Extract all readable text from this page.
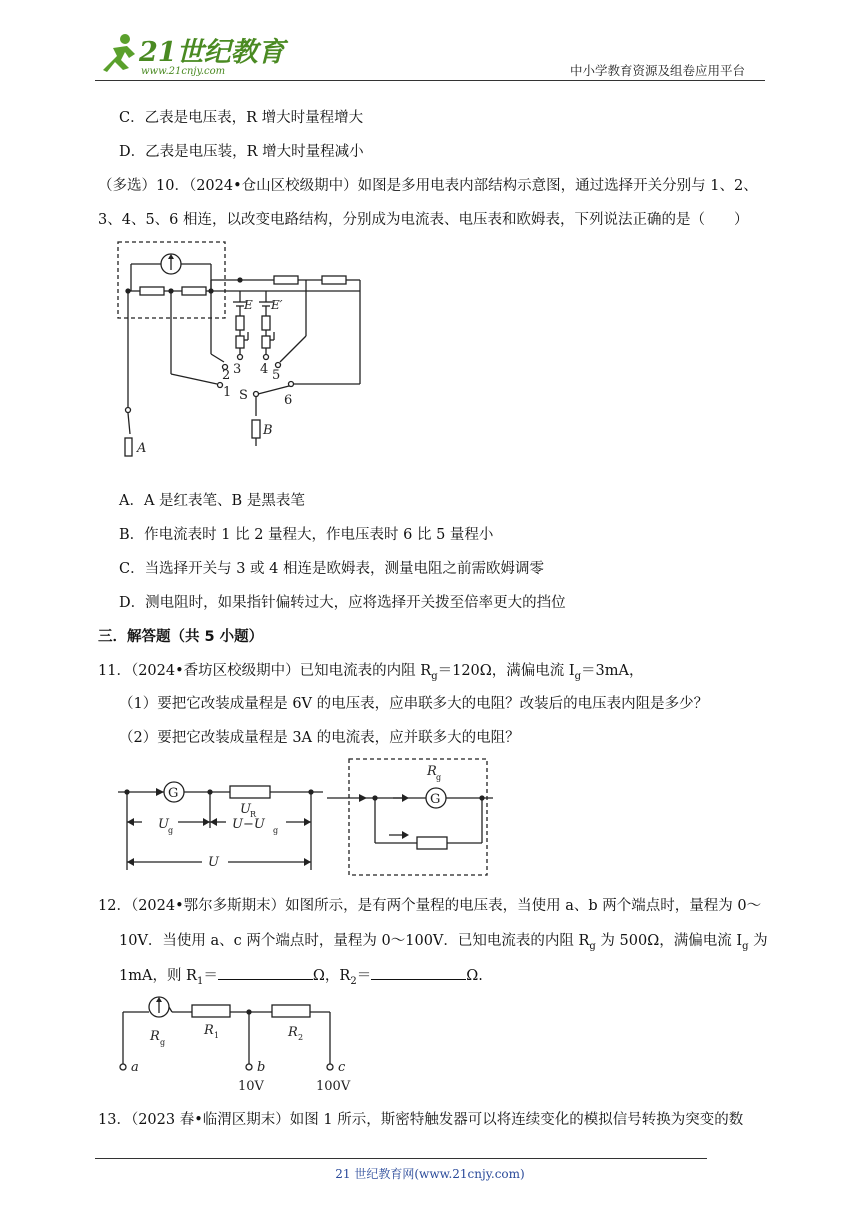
21世纪教育
www.21cnjy.com	中小学教育资源及组卷应用平台
C．乙表是电压表，R 增大时量程增大
D．乙表是电压装，R 增大时量程减小
（多选）10．（2024•仓山区校级期中）如图是多用电表内部结构示意图，通过选择开关分别与 1、2、
3、4、5、6 相连，以改变电路结构，分别成为电流表、电压表和欧姆表，下列说法正确的是（　　）
E E′
3 4 5
2
1
6
S
A
B
A．A 是红表笔、B 是黑表笔
B．作电流表时 1 比 2 量程大，作电压表时 6 比 5 量程小
C．当选择开关与 3 或 4 相连是欧姆表，测量电阻之前需欧姆调零
D．测电阻时，如果指针偏转过大，应将选择开关拨至倍率更大的挡位
三．解答题（共 5 小题）
11．（2024•香坊区校级期中）已知电流表的内阻 $R_g=120\Omega$，满偏电流 $I_g=3mA$，
（1）要把它改装成量程是 6V 的电压表，应串联多大的电阻？改装后的电压表内阻是多少？
（2）要把它改装成量程是 3A 的电流表，应并联多大的电阻？
G
U R
U g	U−U g
U
G
R g
12．（2024•鄂尔多斯期末）如图所示，是有两个量程的电压表，当使用 a、b 两个端点时，量程为 0～
10V．当使用 a、c 两个端点时，量程为 0～100V．已知电流表的内阻 $R_g$ 为 500Ω，满偏电流 $I_g$ 为
1mA，则 $R_1=$	Ω，$R_2=$	Ω.
R g
R 1	R 2
a	b	c
10V	100V
13．（2023 春•临渭区期末）如图 1 所示，斯密特触发器可以将连续变化的模拟信号转换为突变的数
21 世纪教育网(www.21cnjy.com)
